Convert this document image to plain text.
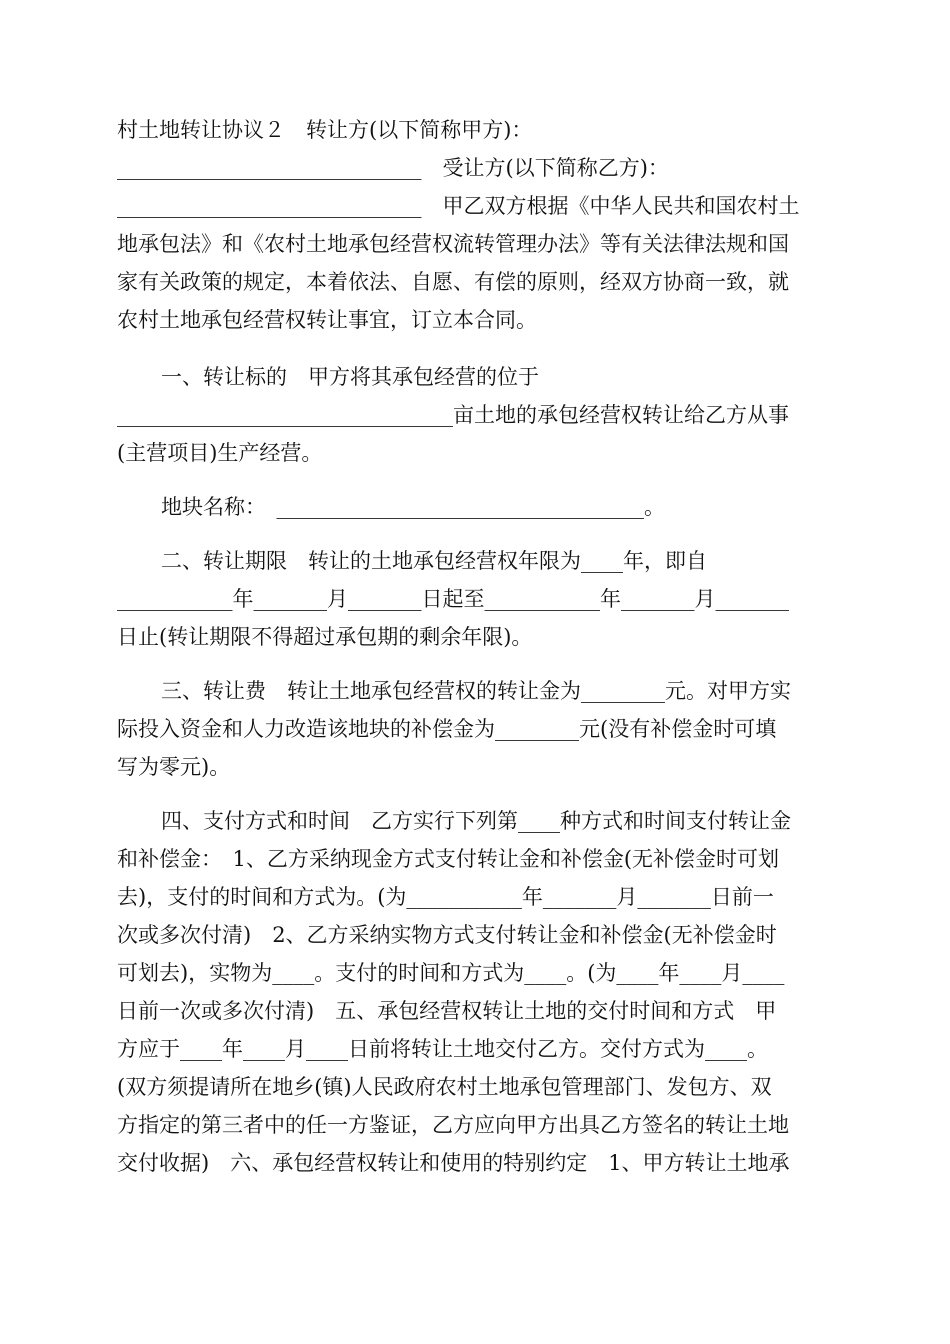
村土地转让协议２　转让方(以下简称甲方)：
_____________________________　受让方(以下简称乙方)：
_____________________________　甲乙双方根据《中华人民共和国农村土
地承包法》和《农村土地承包经营权流转管理办法》等有关法律法规和国
家有关政策的规定，本着依法、自愿、有偿的原则，经双方协商一致，就
农村土地承包经营权转让事宜，订立本合同。
一、转让标的　甲方将其承包经营的位于
________________________________亩土地的承包经营权转让给乙方从事
(主营项目)生产经营。
地块名称：　___________________________________。
二、转让期限　转让的土地承包经营权年限为____年，即自
___________年_______月_______日起至___________年_______月_______
日止(转让期限不得超过承包期的剩余年限)。
三、转让费　转让土地承包经营权的转让金为________元。对甲方实
际投入资金和人力改造该地块的补偿金为________元(没有补偿金时可填
写为零元)。
四、支付方式和时间　乙方实行下列第____种方式和时间支付转让金
和补偿金：　1、乙方采纳现金方式支付转让金和补偿金(无补偿金时可划
去)，支付的时间和方式为。(为___________年_______月_______日前一
次或多次付清)　2、乙方采纳实物方式支付转让金和补偿金(无补偿金时
可划去)，实物为____。支付的时间和方式为____。(为____年____月____
日前一次或多次付清)　五、承包经营权转让土地的交付时间和方式　甲
方应于____年____月____日前将转让土地交付乙方。交付方式为____。
(双方须提请所在地乡(镇)人民政府农村土地承包管理部门、发包方、双
方指定的第三者中的任一方鉴证，乙方应向甲方出具乙方签名的转让土地
交付收据)　六、承包经营权转让和使用的特别约定　1、甲方转让土地承
